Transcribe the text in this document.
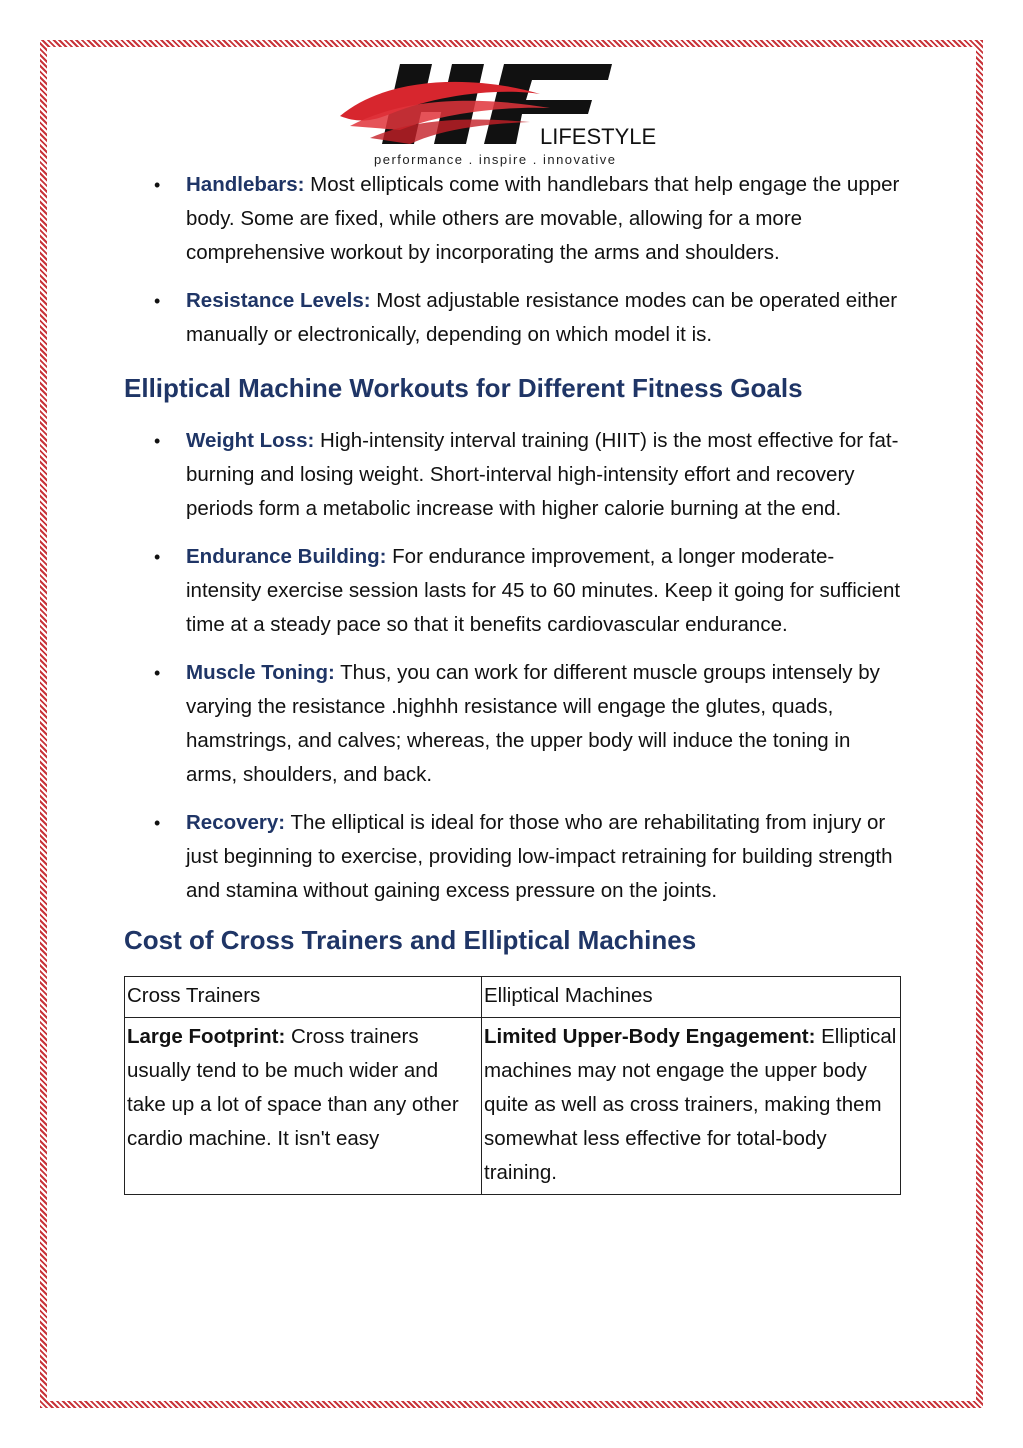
LIFESTYLE
performance . inspire . innovative
• Handlebars: Most ellipticals come with handlebars that help engage the upper body. Some are fixed, while others are movable, allowing for a more comprehensive workout by incorporating the arms and shoulders.
• Resistance Levels: Most adjustable resistance modes can be operated either manually or electronically, depending on which model it is.
Elliptical Machine Workouts for Different Fitness Goals
• Weight Loss: High-intensity interval training (HIIT) is the most effective for fat-burning and losing weight. Short-interval high-intensity effort and recovery periods form a metabolic increase with higher calorie burning at the end.
• Endurance Building: For endurance improvement, a longer moderate-intensity exercise session lasts for 45 to 60 minutes. Keep it going for sufficient time at a steady pace so that it benefits cardiovascular endurance.
• Muscle Toning: Thus, you can work for different muscle groups intensely by varying the resistance .highhh resistance will engage the glutes, quads, hamstrings, and calves; whereas, the upper body will induce the toning in arms, shoulders, and back.
• Recovery: The elliptical is ideal for those who are rehabilitating from injury or just beginning to exercise, providing low-impact retraining for building strength and stamina without gaining excess pressure on the joints.
Cost of Cross Trainers and Elliptical Machines
Cross Trainers	Elliptical Machines
Large Footprint: Cross trainers usually tend to be much wider and take up a lot of space than any other cardio machine. It isn't easy	Limited Upper-Body Engagement: Elliptical machines may not engage the upper body quite as well as cross trainers, making them somewhat less effective for total-body training.
